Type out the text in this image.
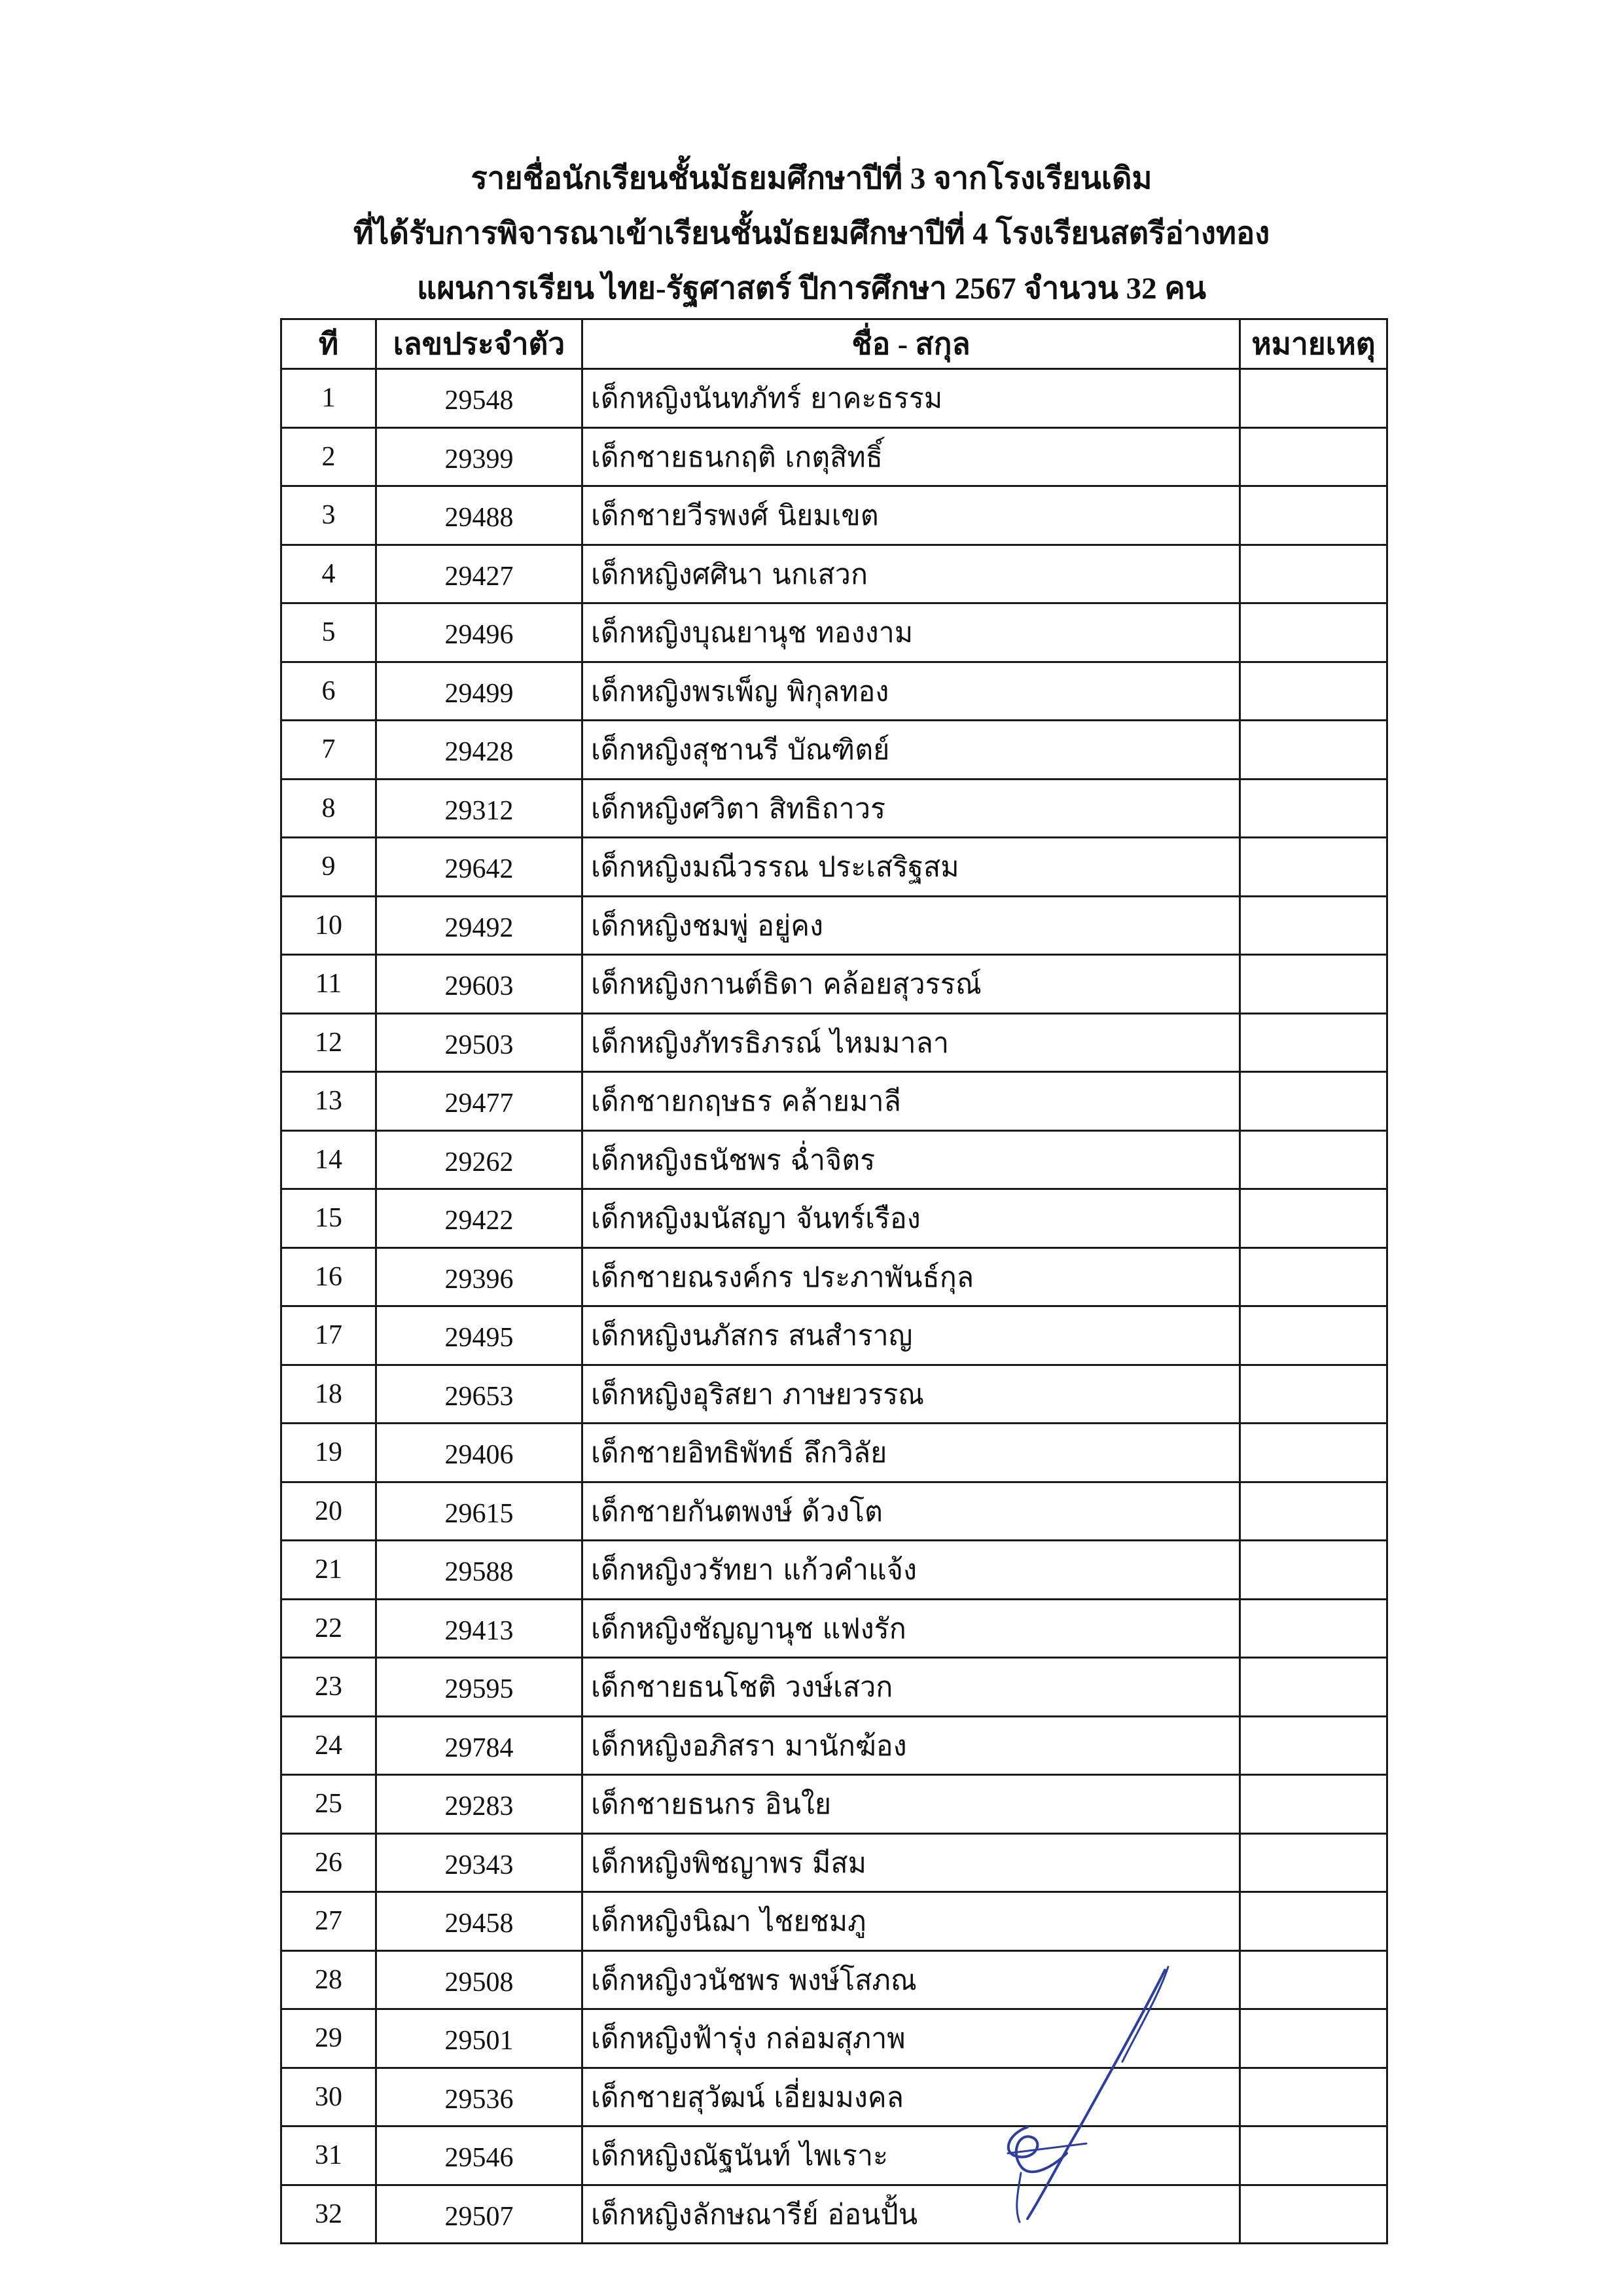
รายชื่อนักเรียนชั้นมัธยมศึกษาปีที่ 3 จากโรงเรียนเดิม
ที่ได้รับการพิจารณาเข้าเรียนชั้นมัธยมศึกษาปีที่ 4 โรงเรียนสตรีอ่างทอง
แผนการเรียน ไทย-รัฐศาสตร์ ปีการศึกษา 2567 จำนวน 32 คน
ที	เลขประจำตัว	ชื่อ - สกุล	หมายเหตุ
1	29548	เด็กหญิงนันทภัทร์ ยาคะธรรม	
2	29399	เด็กชายธนกฤติ เกตุสิทธิ์	
3	29488	เด็กชายวีรพงศ์ นิยมเขต	
4	29427	เด็กหญิงศศินา นกเสวก	
5	29496	เด็กหญิงบุณยานุช ทองงาม	
6	29499	เด็กหญิงพรเพ็ญ พิกุลทอง	
7	29428	เด็กหญิงสุชานรี บัณฑิตย์	
8	29312	เด็กหญิงศวิตา สิทธิถาวร	
9	29642	เด็กหญิงมณีวรรณ ประเสริฐสม	
10	29492	เด็กหญิงชมพู่ อยู่คง	
11	29603	เด็กหญิงกานต์ธิดา คล้อยสุวรรณ์	
12	29503	เด็กหญิงภัทรธิภรณ์ ไหมมาลา	
13	29477	เด็กชายกฤษธร คล้ายมาลี	
14	29262	เด็กหญิงธนัชพร ฉ่ำจิตร	
15	29422	เด็กหญิงมนัสญา จันทร์เรือง	
16	29396	เด็กชายณรงค์กร ประภาพันธ์กุล	
17	29495	เด็กหญิงนภัสกร สนสำราญ	
18	29653	เด็กหญิงอุริสยา ภาษยวรรณ	
19	29406	เด็กชายอิทธิพัทธ์ ลึกวิลัย	
20	29615	เด็กชายกันตพงษ์ ด้วงโต	
21	29588	เด็กหญิงวรัทยา แก้วคำแจ้ง	
22	29413	เด็กหญิงชัญญานุช แฟงรัก	
23	29595	เด็กชายธนโชติ วงษ์เสวก	
24	29784	เด็กหญิงอภิสรา มานักฆ้อง	
25	29283	เด็กชายธนกร อินใย	
26	29343	เด็กหญิงพิชญาพร มีสม	
27	29458	เด็กหญิงนิฌา ไชยชมภู	
28	29508	เด็กหญิงวนัชพร พงษ์โสภณ	
29	29501	เด็กหญิงฟ้ารุ่ง กล่อมสุภาพ	
30	29536	เด็กชายสุวัฒน์ เอี่ยมมงคล	
31	29546	เด็กหญิงณัฐนันท์ ไพเราะ	
32	29507	เด็กหญิงลักษณารีย์ อ่อนปั้น	
